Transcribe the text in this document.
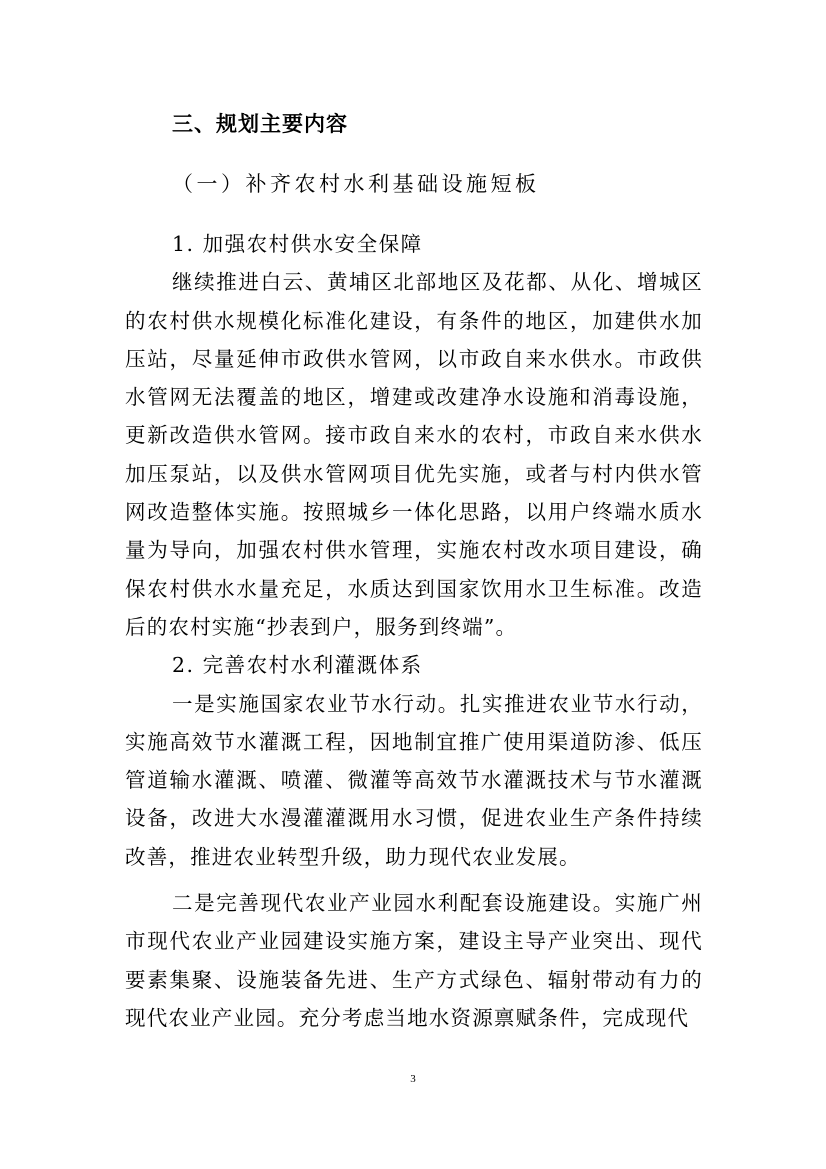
三、规划主要内容
（一）补齐农村水利基础设施短板

1. 加强农村供水安全保障

继续推进白云、黄埔区北部地区及花都、从化、增城区的农村供水规模化标准化建设，有条件的地区，加建供水加压站，尽量延伸市政供水管网，以市政自来水供水。市政供水管网无法覆盖的地区，增建或改建净水设施和消毒设施，更新改造供水管网。接市政自来水的农村，市政自来水供水加压泵站，以及供水管网项目优先实施，或者与村内供水管网改造整体实施。按照城乡一体化思路，以用户终端水质水量为导向，加强农村供水管理，实施农村改水项目建设，确保农村供水水量充足，水质达到国家饮用水卫生标准。改造后的农村实施“抄表到户，服务到终端”。

2. 完善农村水利灌溉体系

一是实施国家农业节水行动。扎实推进农业节水行动，实施高效节水灌溉工程，因地制宜推广使用渠道防渗、低压管道输水灌溉、喷灌、微灌等高效节水灌溉技术与节水灌溉设备，改进大水漫灌灌溉用水习惯，促进农业生产条件持续改善，推进农业转型升级，助力现代农业发展。

二是完善现代农业产业园水利配套设施建设。实施广州市现代农业产业园建设实施方案，建设主导产业突出、现代要素集聚、设施装备先进、生产方式绿色、辐射带动有力的现代农业产业园。充分考虑当地水资源禀赋条件，完成现代

3
